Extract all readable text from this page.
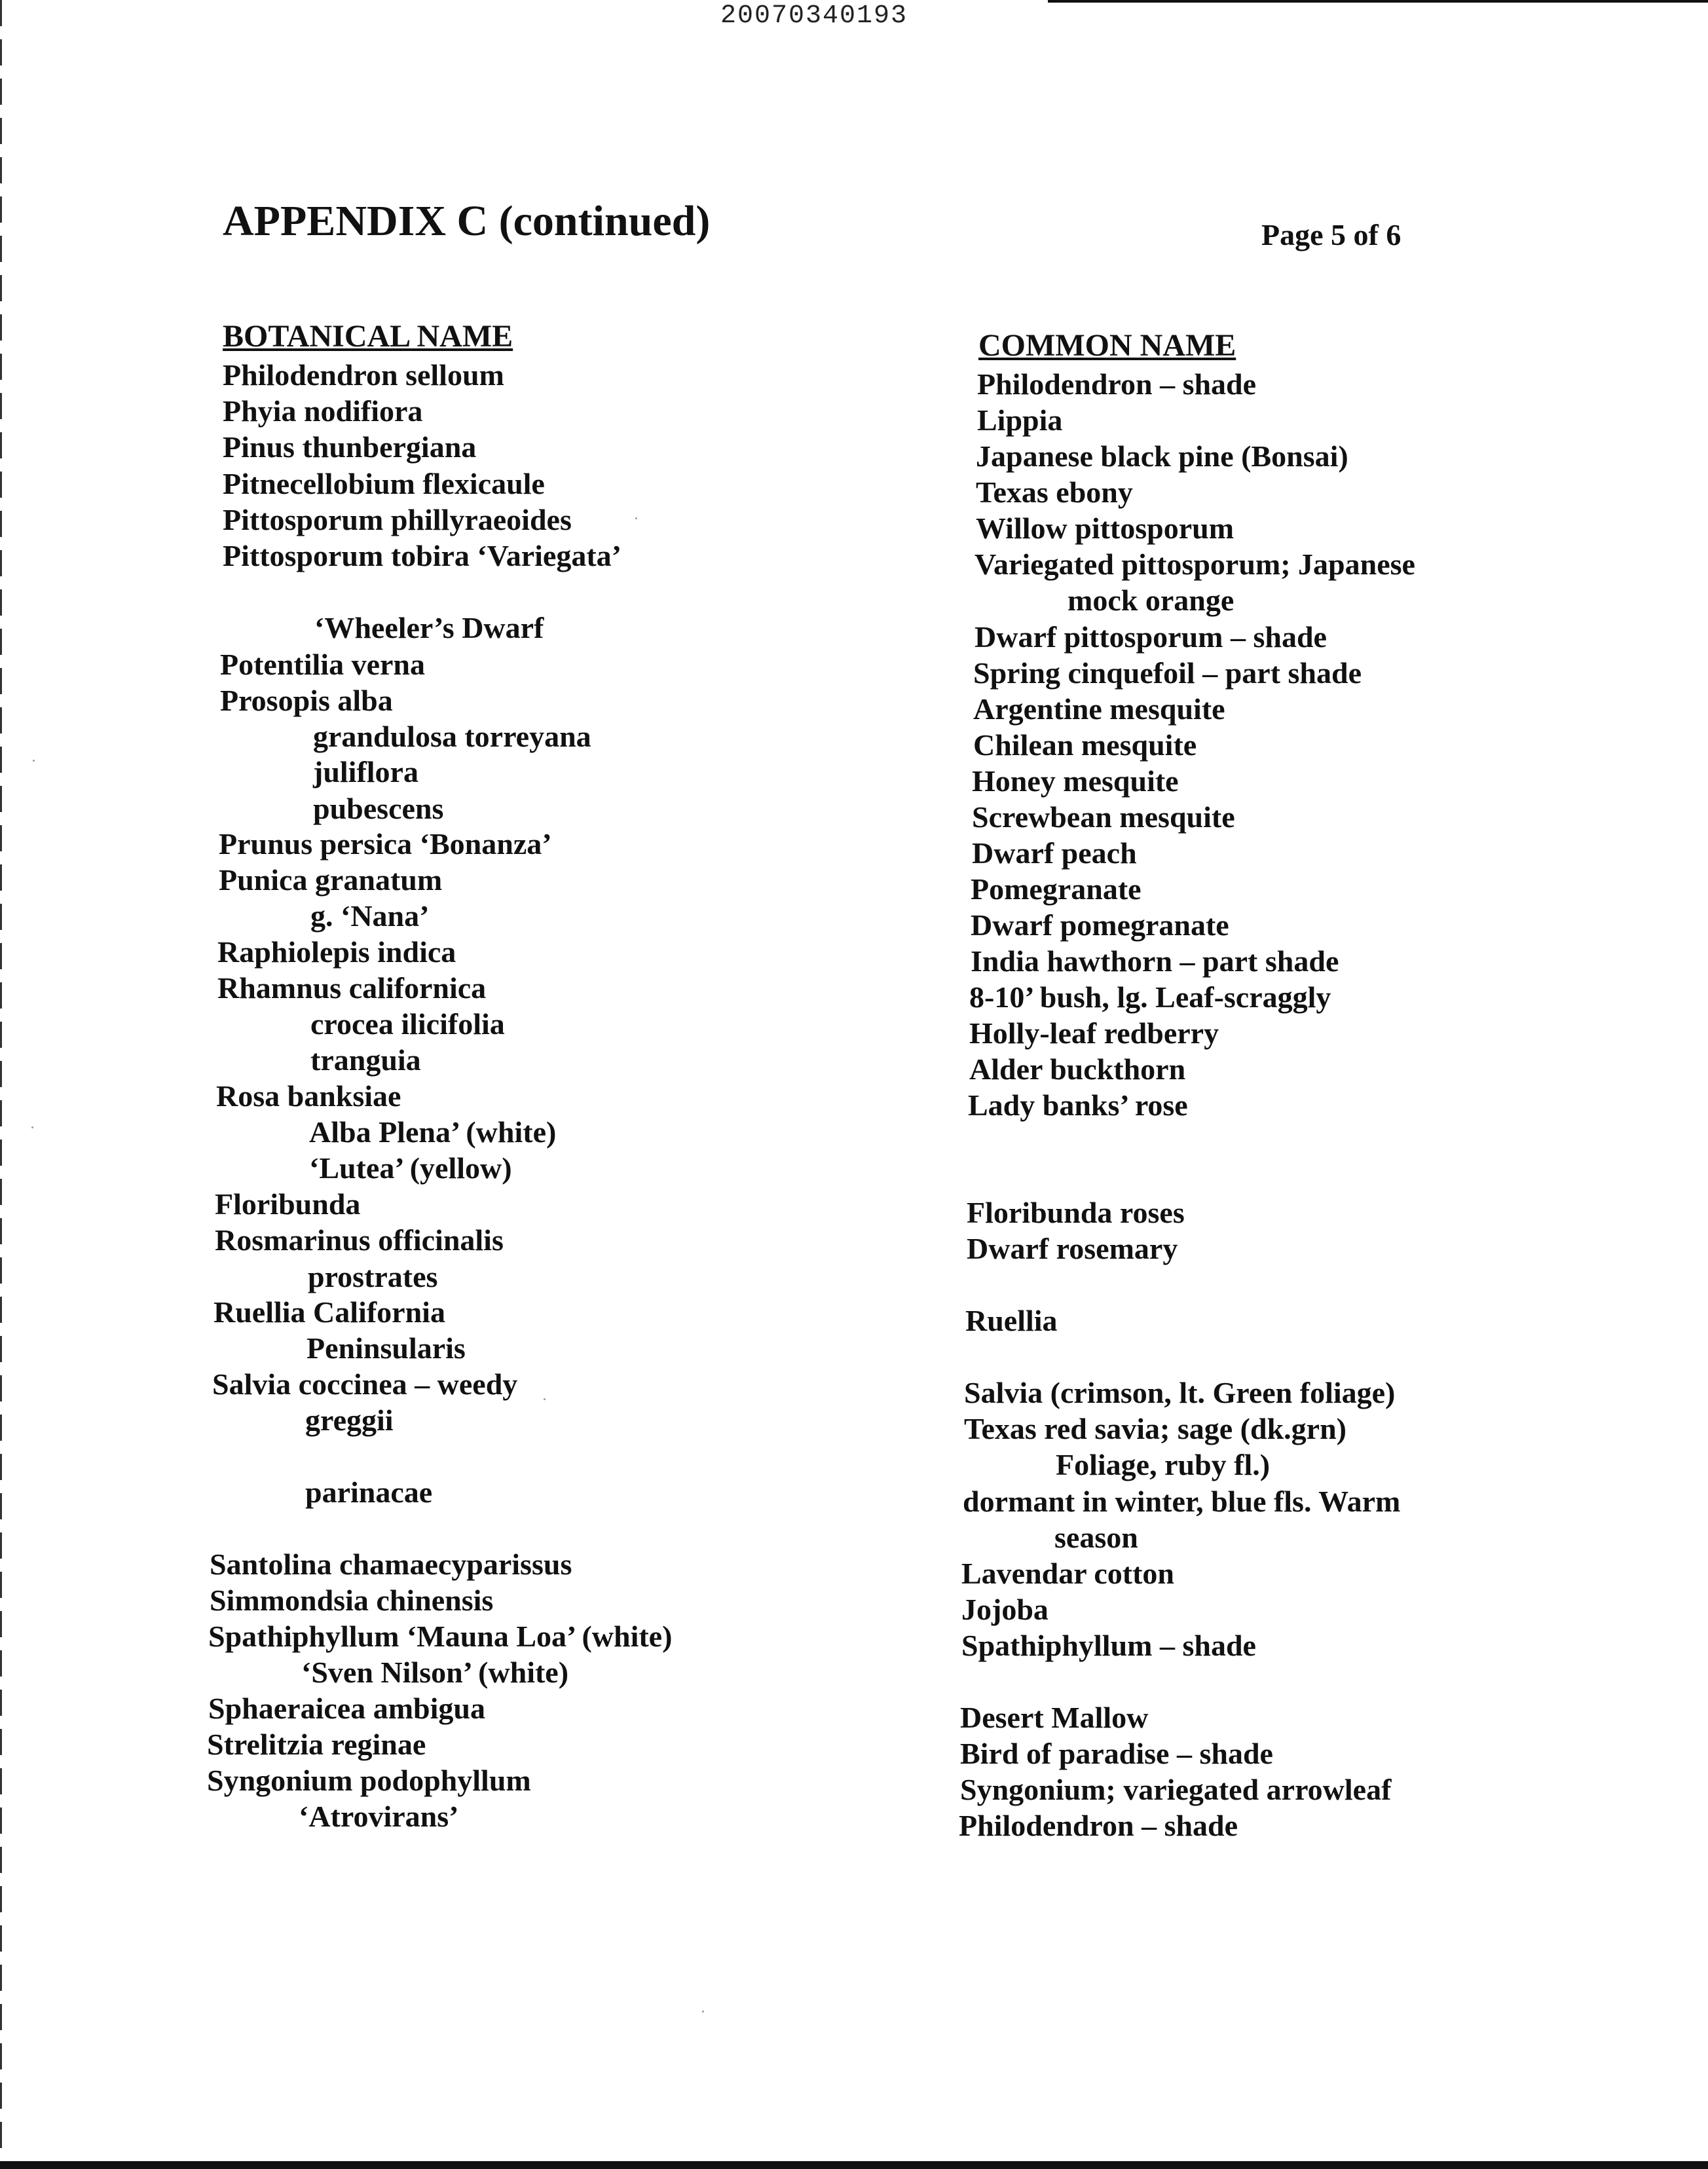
20070340193
APPENDIX C (continued)	Page 5 of 6
BOTANICAL NAME	COMMON NAME
Philodendron selloum
Phyia nodifiora
Pinus thunbergiana
Pitnecellobium flexicaule
Pittosporum phillyraeoides
Pittosporum tobira ‘Variegata’
‘Wheeler’s Dwarf
Potentilia verna
Prosopis alba
grandulosa torreyana
juliflora
pubescens
Prunus persica ‘Bonanza’
Punica granatum
g. ‘Nana’
Raphiolepis indica
Rhamnus californica
crocea ilicifolia
tranguia
Rosa banksiae
Alba Plena’ (white)
‘Lutea’ (yellow)
Floribunda
Rosmarinus officinalis
prostrates
Ruellia California
Peninsularis
Salvia coccinea – weedy
greggii
parinacae
Santolina chamaecyparissus
Simmondsia chinensis
Spathiphyllum ‘Mauna Loa’ (white)
‘Sven Nilson’ (white)
Sphaeraicea ambigua
Strelitzia reginae
Syngonium podophyllum
‘Atrovirans’
Philodendron – shade
Lippia
Japanese black pine (Bonsai)
Texas ebony
Willow pittosporum
Variegated pittosporum; Japanese
mock orange
Dwarf pittosporum – shade
Spring cinquefoil – part shade
Argentine mesquite
Chilean mesquite
Honey mesquite
Screwbean mesquite
Dwarf peach
Pomegranate
Dwarf pomegranate
India hawthorn – part shade
8-10’ bush, lg. Leaf-scraggly
Holly-leaf redberry
Alder buckthorn
Lady banks’ rose
Floribunda roses
Dwarf rosemary
Ruellia
Salvia (crimson, lt. Green foliage)
Texas red savia; sage (dk.grn)
Foliage, ruby fl.)
dormant in winter, blue fls. Warm
season
Lavendar cotton
Jojoba
Spathiphyllum – shade
Desert Mallow
Bird of paradise – shade
Syngonium; variegated arrowleaf
Philodendron – shade
